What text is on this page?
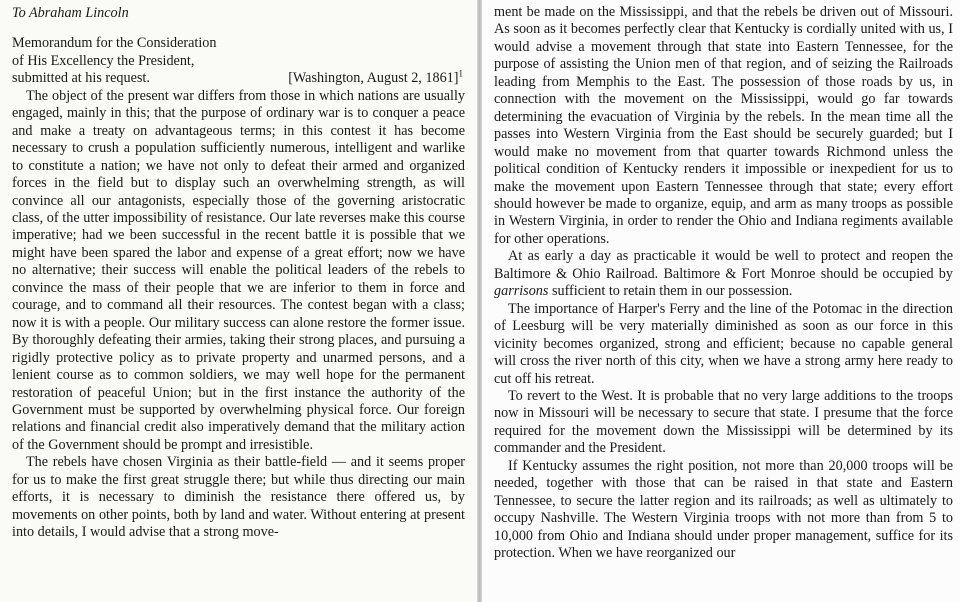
To Abraham Lincoln

Memorandum for the Consideration

of His Excellency the President,

submitted at his request.	[Washington, August 2, 1861]$^1$

The object of the present war differs from those in which nations are usually engaged, mainly in this; that the purpose of ordinary war is to conquer a peace and make a treaty on advantageous terms; in this contest it has become necessary to crush a population sufficiently numerous, intelligent and warlike to constitute a nation; we have not only to defeat their armed and organized forces in the field but to display such an overwhelming strength, as will convince all our antagonists, especially those of the governing aristocratic class, of the utter impossibility of resistance. Our late reverses make this course imperative; had we been successful in the recent battle it is possible that we might have been spared the labor and expense of a great effort; now we have no alternative; their success will enable the political leaders of the rebels to convince the mass of their people that we are inferior to them in force and courage, and to command all their resources. The contest began with a class; now it is with a people. Our military success can alone restore the former issue. By thoroughly defeating their armies, taking their strong places, and pursuing a rigidly protective policy as to private property and unarmed persons, and a lenient course as to common soldiers, we may well hope for the permanent restoration of peaceful Union; but in the first instance the authority of the Government must be supported by overwhelming physical force. Our foreign relations and financial credit also imperatively demand that the military action of the Government should be prompt and irresistible.

The rebels have chosen Virginia as their battle-field — and it seems proper for us to make the first great struggle there; but while thus directing our main efforts, it is necessary to diminish the resistance there offered us, by movements on other points, both by land and water. Without entering at present into details, I would advise that a strong move-

ment be made on the Mississippi, and that the rebels be driven out of Missouri. As soon as it becomes perfectly clear that Kentucky is cordially united with us, I would advise a movement through that state into Eastern Tennessee, for the purpose of assisting the Union men of that region, and of seizing the Railroads leading from Memphis to the East. The possession of those roads by us, in connection with the movement on the Mississippi, would go far towards determining the evacuation of Virginia by the rebels. In the mean time all the passes into Western Virginia from the East should be securely guarded; but I would make no movement from that quarter towards Richmond unless the political condition of Kentucky renders it impossible or inexpedient for us to make the movement upon Eastern Tennessee through that state; every effort should however be made to organize, equip, and arm as many troops as possible in Western Virginia, in order to render the Ohio and Indiana regiments available for other operations.

At as early a day as practicable it would be well to protect and reopen the Baltimore & Ohio Railroad. Baltimore & Fort Monroe should be occupied by garrisons sufficient to retain them in our possession.

The importance of Harper's Ferry and the line of the Potomac in the direction of Leesburg will be very materially diminished as soon as our force in this vicinity becomes organized, strong and efficient; because no capable general will cross the river north of this city, when we have a strong army here ready to cut off his retreat.

To revert to the West. It is probable that no very large additions to the troops now in Missouri will be necessary to secure that state. I presume that the force required for the movement down the Mississippi will be determined by its commander and the President.

If Kentucky assumes the right position, not more than 20,000 troops will be needed, together with those that can be raised in that state and Eastern Tennessee, to secure the latter region and its railroads; as well as ultimately to occupy Nashville. The Western Virginia troops with not more than from 5 to 10,000 from Ohio and Indiana should under proper management, suffice for its protection. When we have reorganized our
